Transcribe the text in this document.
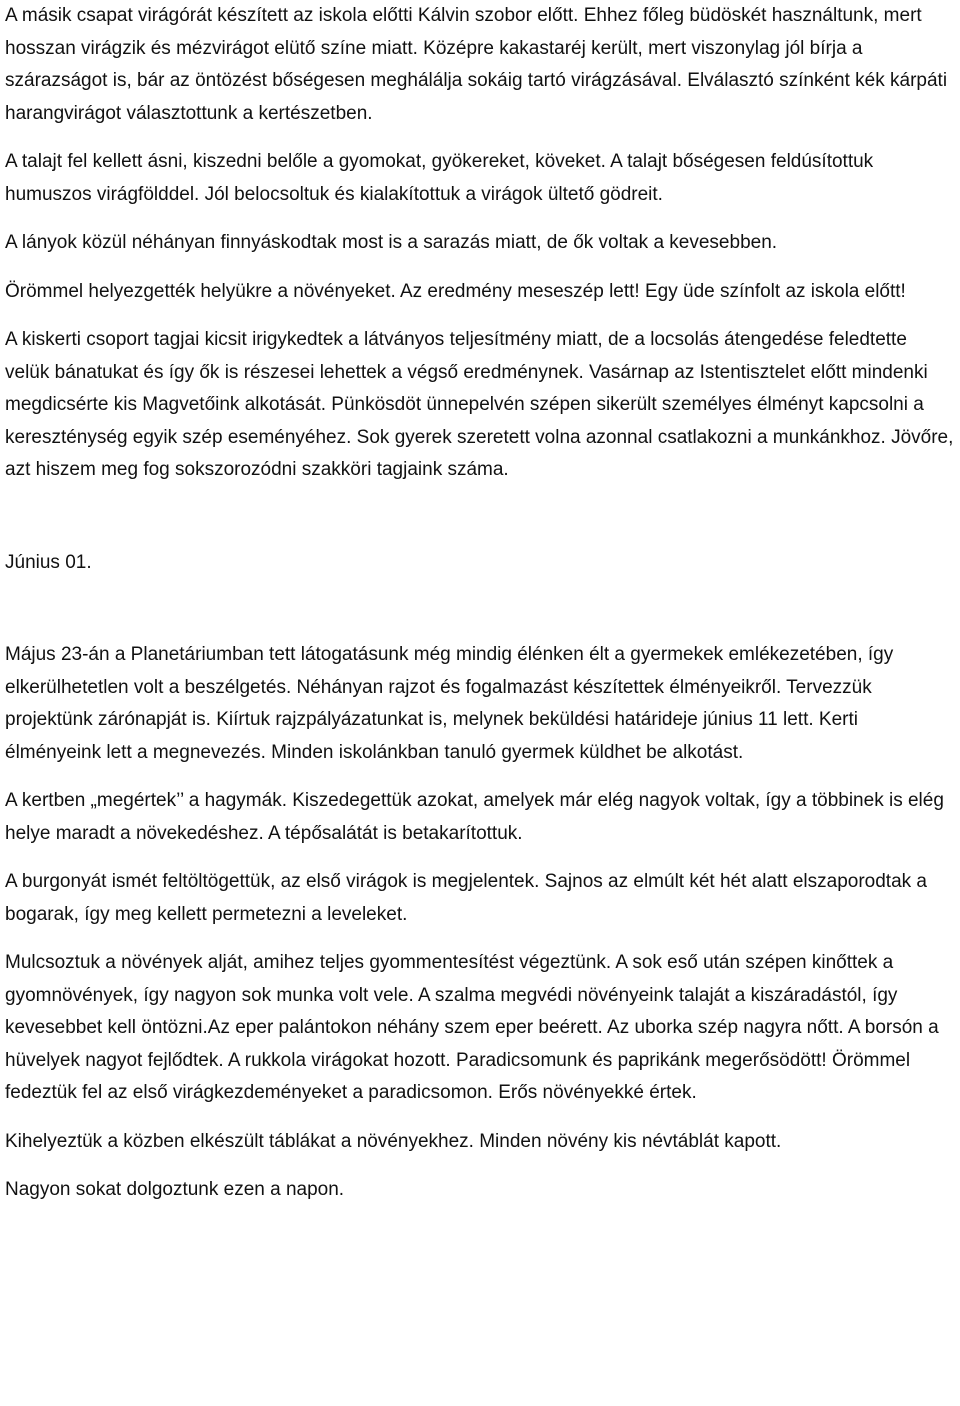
A másik csapat virágórát készített az iskola előtti Kálvin szobor előtt. Ehhez főleg büdöskét használtunk, mert hosszan virágzik és mézvirágot elütő színe miatt. Középre kakastaréj került, mert viszonylag jól bírja a szárazságot is, bár az öntözést bőségesen meghálálja sokáig tartó virágzásával. Elválasztó színként kék kárpáti harangvirágot választottunk a kertészetben.

A talajt fel kellett ásni, kiszedni belőle a gyomokat, gyökereket, köveket. A talajt bőségesen feldúsítottuk humuszos virágfölddel. Jól belocsoltuk és kialakítottuk a virágok ültető gödreit.

A lányok közül néhányan finnyáskodtak most is a sarazás miatt, de ők voltak a kevesebben.

Örömmel helyezgették helyükre a növényeket. Az eredmény meseszép lett! Egy üde színfolt az iskola előtt!

A kiskerti csoport tagjai kicsit irigykedtek a látványos teljesítmény miatt, de a locsolás átengedése feledtette velük bánatukat és így ők is részesei lehettek a végső eredménynek. Vasárnap az Istentisztelet előtt mindenki megdicsérte kis Magvetőink alkotását. Pünkösdöt ünnepelvén szépen sikerült személyes élményt kapcsolni a kereszténység egyik szép eseményéhez. Sok gyerek szeretett volna azonnal csatlakozni a munkánkhoz. Jövőre, azt hiszem meg fog sokszorozódni szakköri tagjaink száma.

Június 01.

Május 23-án a Planetáriumban tett látogatásunk még mindig élénken élt a gyermekek emlékezetében, így elkerülhetetlen volt a beszélgetés. Néhányan rajzot és fogalmazást készítettek élményeikről. Tervezzük projektünk zárónapját is. Kiírtuk rajzpályázatunkat is, melynek beküldési határideje június 11 lett. Kerti élményeink lett a megnevezés. Minden iskolánkban tanuló gyermek küldhet be alkotást.

A kertben „megértek’’ a hagymák. Kiszedegettük azokat, amelyek már elég nagyok voltak, így a többinek is elég helye maradt a növekedéshez. A tépősalátát is betakarítottuk.

A burgonyát ismét feltöltögettük, az első virágok is megjelentek. Sajnos az elmúlt két hét alatt elszaporodtak a bogarak, így meg kellett permetezni a leveleket.

Mulcsoztuk a növények alját, amihez teljes gyommentesítést végeztünk. A sok eső után szépen kinőttek a gyomnövények, így nagyon sok munka volt vele. A szalma megvédi növényeink talaját a kiszáradástól, így kevesebbet kell öntözni.Az eper palántokon néhány szem eper beérett. Az uborka szép nagyra nőtt. A borsón a hüvelyek nagyot fejlődtek. A rukkola virágokat hozott. Paradicsomunk és paprikánk megerősödött! Örömmel fedeztük fel az első virágkezdeményeket a paradicsomon. Erős növényekké értek.

Kihelyeztük a közben elkészült táblákat a növényekhez. Minden növény kis névtáblát kapott.

Nagyon sokat dolgoztunk ezen a napon.
